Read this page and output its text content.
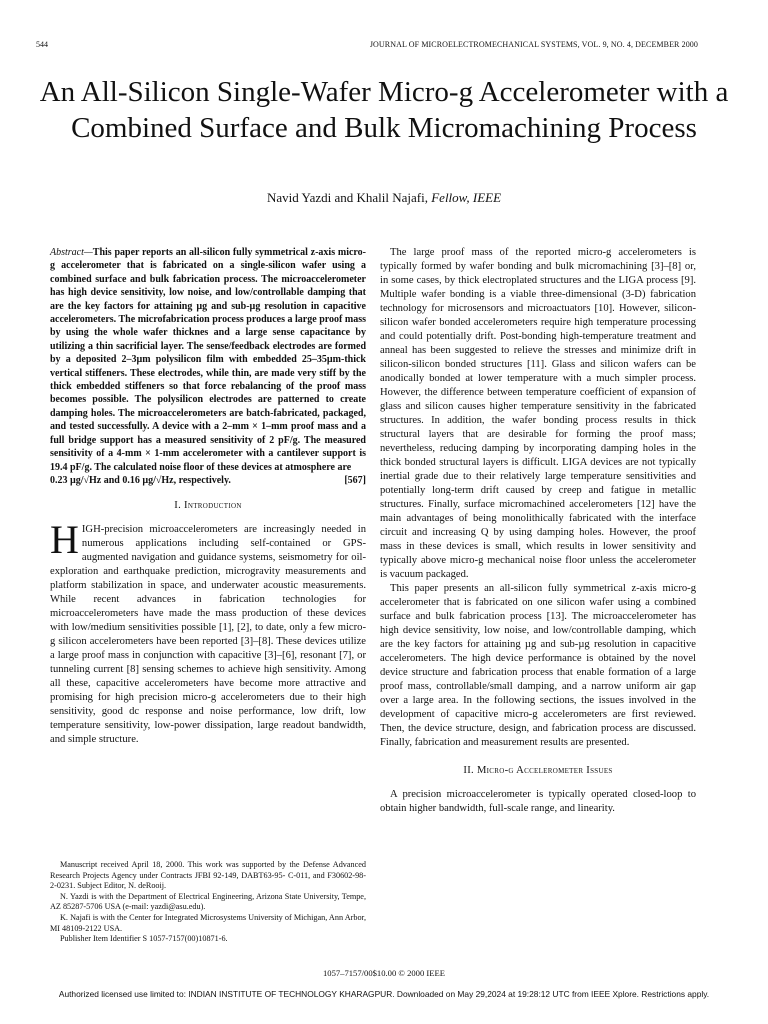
544	JOURNAL OF MICROELECTROMECHANICAL SYSTEMS, VOL. 9, NO. 4, DECEMBER 2000
An All-Silicon Single-Wafer Micro-g Accelerometer with a Combined Surface and Bulk Micromachining Process
Navid Yazdi and Khalil Najafi, Fellow, IEEE
Abstract—This paper reports an all-silicon fully symmetrical z-axis micro-g accelerometer that is fabricated on a single-silicon wafer using a combined surface and bulk fabrication process. The microaccelerometer has high device sensitivity, low noise, and low/controllable damping that are the key factors for attaining µg and sub-µg resolution in capacitive accelerometers. The microfabrication process produces a large proof mass by using the whole wafer thicknes and a large sense capacitance by utilizing a thin sacrificial layer. The sense/feedback electrodes are formed by a deposited 2–3µm polysilicon film with embedded 25–35µm-thick vertical stiffeners. These electrodes, while thin, are made very stiff by the thick embedded stiffeners so that force rebalancing of the proof mass becomes possible. The polysilicon electrodes are patterned to create damping holes. The microaccelerometers are batch-fabricated, packaged, and tested successfully. A device with a 2–mm × 1–mm proof mass and a full bridge support has a measured sensitivity of 2 pF/g. The measured sensitivity of a 4-mm × 1-mm accelerometer with a cantilever support is 19.4 pF/g. The calculated noise floor of these devices at atmosphere are
0.23 µg/√Hz and 0.16 µg/√Hz, respectively.	[567]
I. Introduction

HIGH-precision microaccelerometers are increasingly needed in numerous applications including self-contained or GPS-augmented navigation and guidance systems, seismometry for oil-exploration and earthquake prediction, microgravity measurements and platform stabilization in space, and underwater acoustic measurements. While recent advances in fabrication technologies for microaccelerometers have made the mass production of these devices with low/medium sensitivities possible [1], [2], to date, only a few micro-g silicon accelerometers have been reported [3]–[8]. These devices utilize a large proof mass in conjunction with capacitive [3]–[6], resonant [7], or tunneling current [8] sensing schemes to achieve high sensitivity. Among all these, capacitive accelerometers have become more attractive and promising for high precision micro-g accelerometers due to their high sensitivity, good dc response and noise performance, low drift, low temperature sensitivity, low-power dissipation, large readout bandwidth, and simple structure.

Manuscript received April 18, 2000. This work was supported by the Defense Advanced Research Projects Agency under Contracts JFBI 92-149, DABT63-95- C-011, and F30602-98-2-0231. Subject Editor, N. deRooij.
N. Yazdi is with the Department of Electrical Engineering, Arizona State University, Tempe, AZ 85287-5706 USA (e-mail: yazdi@asu.edu).
K. Najafi is with the Center for Integrated Microsystems University of Michigan, Ann Arbor, MI 48109-2122 USA.
Publisher Item Identifier S 1057-7157(00)10871-6.

The large proof mass of the reported micro-g accelerometers is typically formed by wafer bonding and bulk micromachining [3]–[8] or, in some cases, by thick electroplated structures and the LIGA process [9]. Multiple wafer bonding is a viable three-dimensional (3-D) fabrication technology for microsensors and microactuators [10]. However, silicon-silicon wafer bonded accelerometers require high temperature processing and could potentially drift. Post-bonding high-temperature treatment and anneal has been suggested to relieve the stresses and minimize drift in silicon-silicon bonded structures [11]. Glass and silicon wafers can be anodically bonded at lower temperature with a much simpler process. However, the difference between temperature coefficient of expansion of glass and silicon causes higher temperature sensitivity in the fabricated structures. In addition, the wafer bonding process results in thick structural layers that are desirable for forming the proof mass; nevertheless, reducing damping by incorporating damping holes in the thick bonded structural layers is difficult. LIGA devices are not typically inertial grade due to their relatively large temperature sensitivities and potentially long-term drift caused by creep and fatigue in metallic structures. Finally, surface micromachined accelerometers [12] have the main advantages of being monolithically fabricated with the interface circuit and increasing Q by using damping holes. However, the proof mass in these devices is small, which results in lower sensitivity and typically above micro-g mechanical noise floor unless the accelerometer is vacuum packaged.

This paper presents an all-silicon fully symmetrical z-axis micro-g accelerometer that is fabricated on one silicon wafer using a combined surface and bulk fabrication process [13]. The microaccelerometer has high device sensitivity, low noise, and low/controllable damping, which are the key factors for attaining µg and sub-µg resolution in capacitive accelerometers. The high device performance is obtained by the novel device structure and fabrication process that enable formation of a large proof mass, controllable/small damping, and a narrow uniform air gap over a large area. In the following sections, the issues involved in the development of capacitive micro-g accelerometers are first reviewed. Then, the device structure, design, and fabrication process are discussed. Finally, fabrication and measurement results are presented.

II. Micro-g Accelerometer Issues

A precision microaccelerometer is typically operated closed-loop to obtain higher bandwidth, full-scale range, and linearity.

1057–7157/00$10.00 © 2000 IEEE
Authorized licensed use limited to: INDIAN INSTITUTE OF TECHNOLOGY KHARAGPUR. Downloaded on May 29,2024 at 19:28:12 UTC from IEEE Xplore. Restrictions apply.
